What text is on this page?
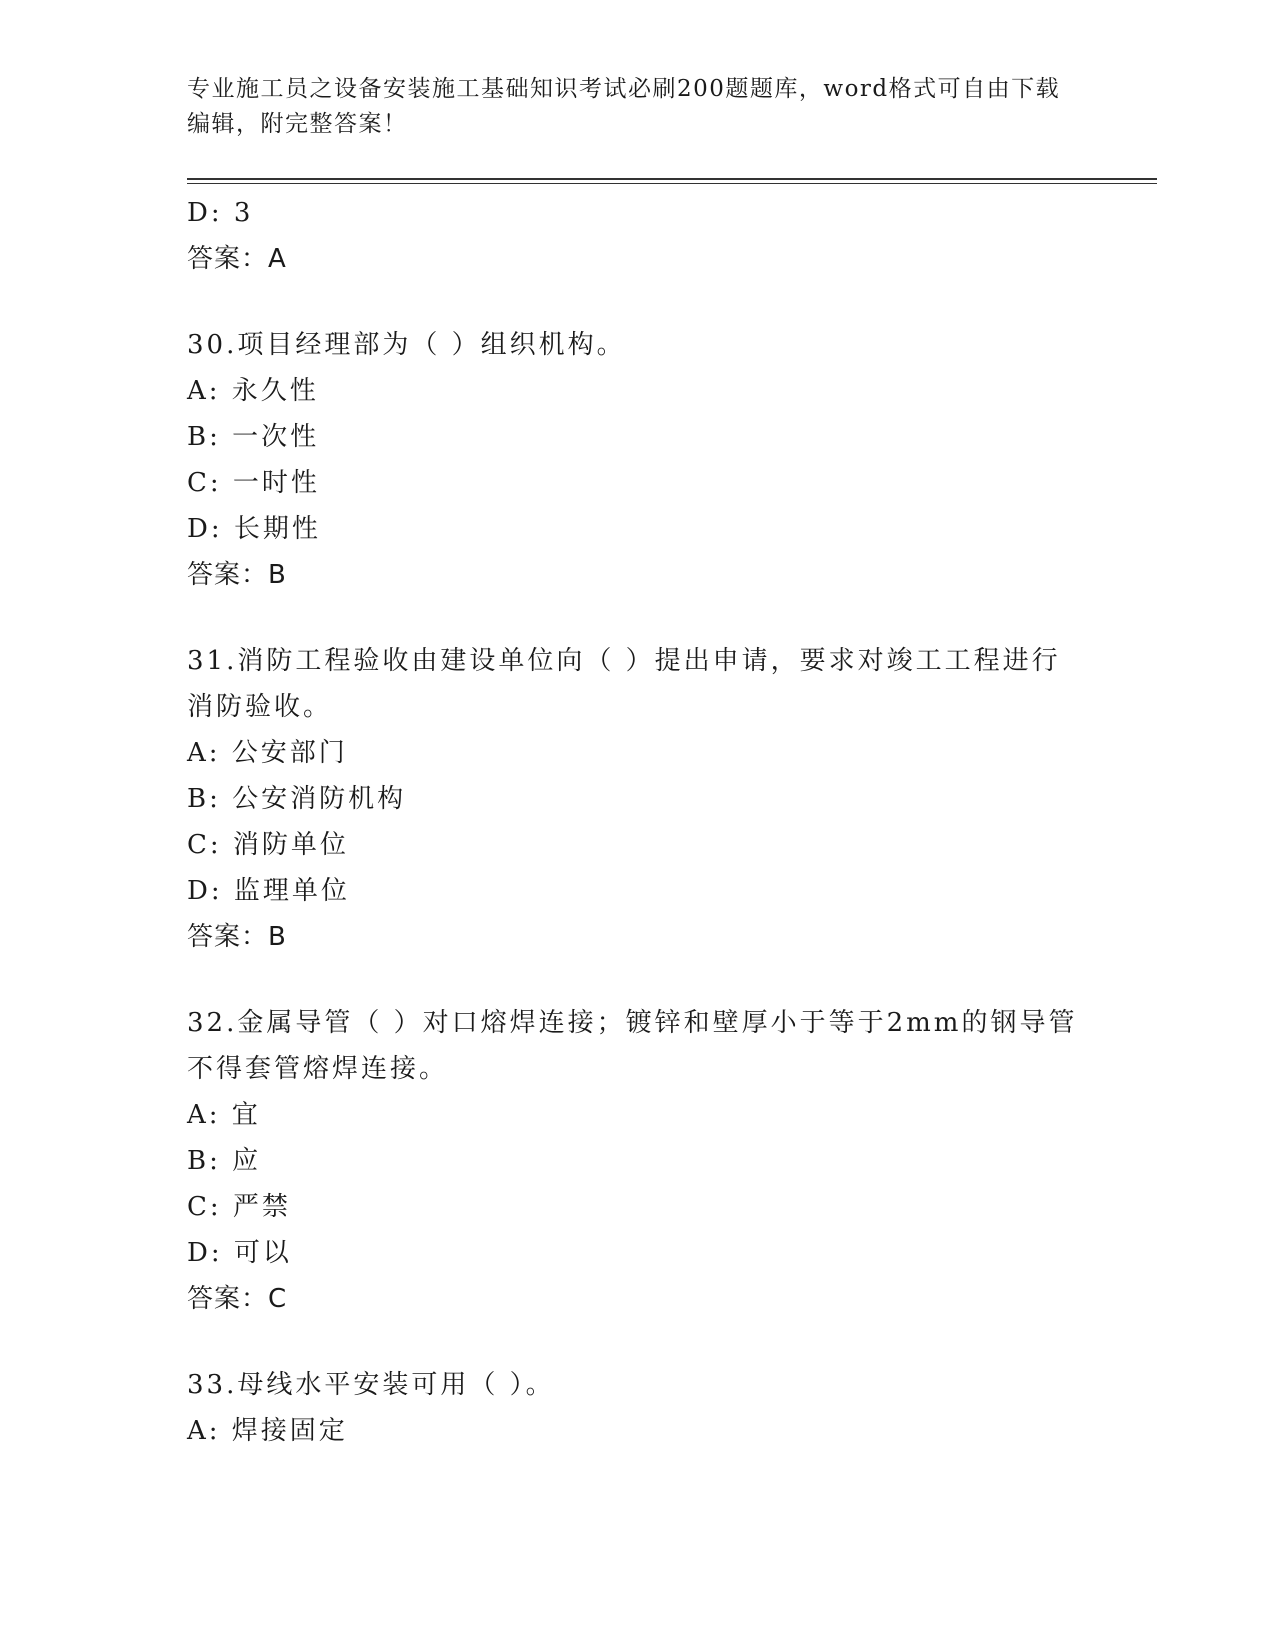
专业施工员之设备安装施工基础知识考试必刷200题题库，word格式可自由下载
编辑，附完整答案！
D: 3
答案：A
30.项目经理部为（ ）组织机构。
A: 永久性
B: 一次性
C: 一时性
D: 长期性
答案：B
31.消防工程验收由建设单位向（ ）提出申请，要求对竣工工程进行
消防验收。
A: 公安部门
B: 公安消防机构
C: 消防单位
D: 监理单位
答案：B
32.金属导管（ ）对口熔焊连接；镀锌和壁厚小于等于2mm的钢导管
不得套管熔焊连接。
A: 宜
B: 应
C: 严禁
D: 可以
答案：C
33.母线水平安装可用（ ）。
A: 焊接固定
